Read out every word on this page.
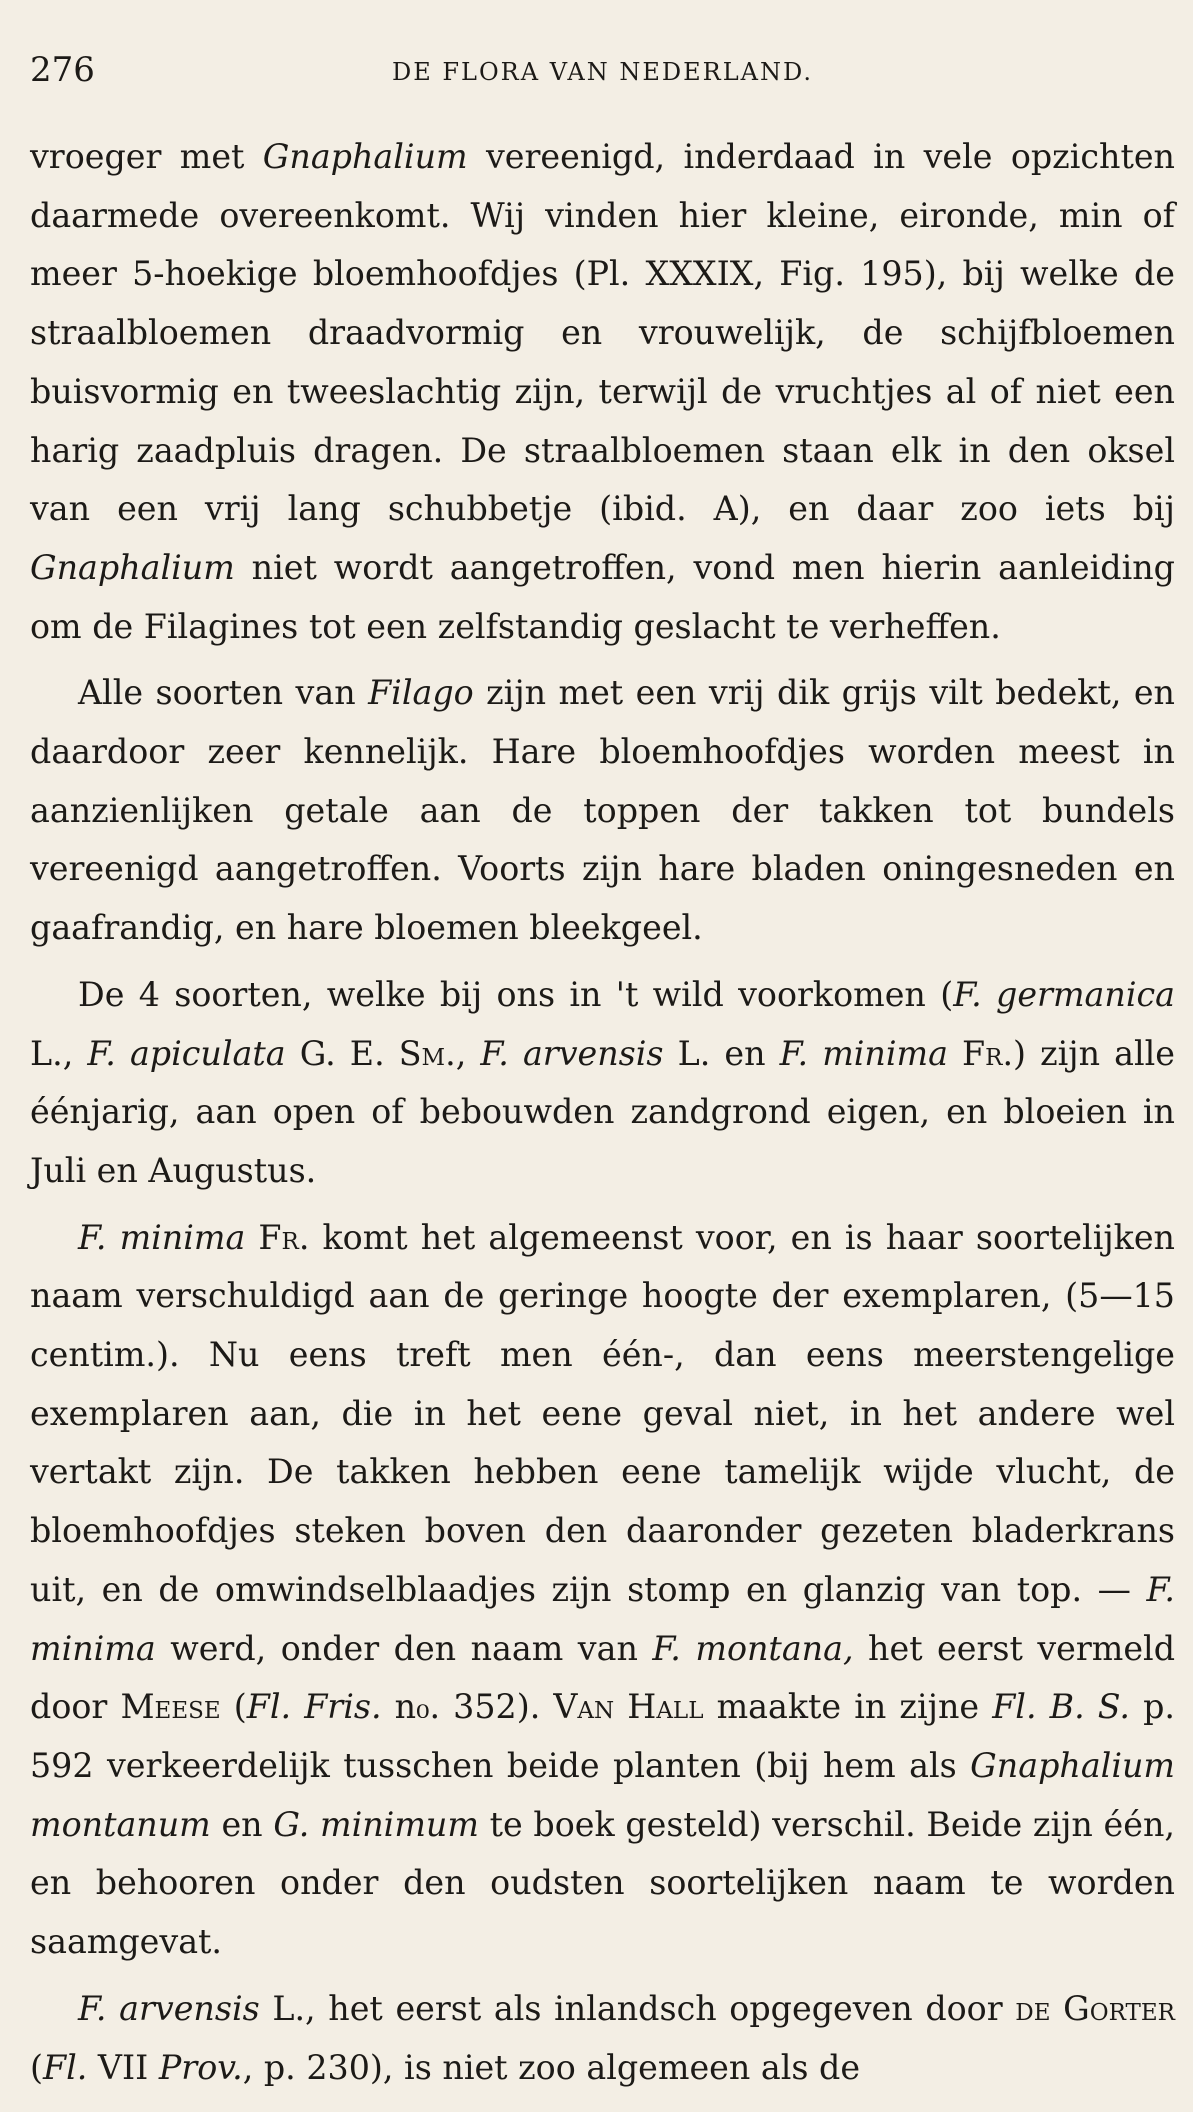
276	DE FLORA VAN NEDERLAND.

vroeger met Gnaphalium vereenigd, inderdaad in vele opzichten daarmede overeenkomt. Wij vinden hier kleine, eironde, min of meer 5-hoekige bloemhoofdjes (Pl. XXXIX, Fig. 195), bij welke de straalbloemen draadvormig en vrouwelijk, de schijfbloemen buisvormig en tweeslachtig zijn, terwijl de vruchtjes al of niet een harig zaadpluis dragen. De straalbloemen staan elk in den oksel van een vrij lang schubbetje (ibid. A), en daar zoo iets bij Gnaphalium niet wordt aangetroffen, vond men hierin aanleiding om de Filagines tot een zelfstandig geslacht te verheffen.

Alle soorten van Filago zijn met een vrij dik grijs vilt bedekt, en daardoor zeer kennelijk. Hare bloemhoofdjes worden meest in aanzienlijken getale aan de toppen der takken tot bundels vereenigd aangetroffen. Voorts zijn hare bladen oningesneden en gaafrandig, en hare bloemen bleekgeel.

De 4 soorten, welke bij ons in 't wild voorkomen (F. germanica L., F. apiculata G. E. Sm., F. arvensis L. en F. minima Fr.) zijn alle éénjarig, aan open of bebouwden zandgrond eigen, en bloeien in Juli en Augustus.

F. minima Fr. komt het algemeenst voor, en is haar soortelijken naam verschuldigd aan de geringe hoogte der exemplaren, (5—15 centim.). Nu eens treft men één-, dan eens meerstengelige exemplaren aan, die in het eene geval niet, in het andere wel vertakt zijn. De takken hebben eene tamelijk wijde vlucht, de bloemhoofdjes steken boven den daaronder gezeten bladerkrans uit, en de omwindselblaadjes zijn stomp en glanzig van top. — F. minima werd, onder den naam van F. montana, het eerst vermeld door Meese (Fl. Fris. n₀. 352). Van Hall maakte in zijne Fl. B. S. p. 592 verkeerdelijk tusschen beide planten (bij hem als Gnaphalium montanum en G. minimum te boek gesteld) verschil. Beide zijn één, en behooren onder den oudsten soortelijken naam te worden saamgevat.

F. arvensis L., het eerst als inlandsch opgegeven door de Gorter (Fl. VII Prov., p. 230), is niet zoo algemeen als de
